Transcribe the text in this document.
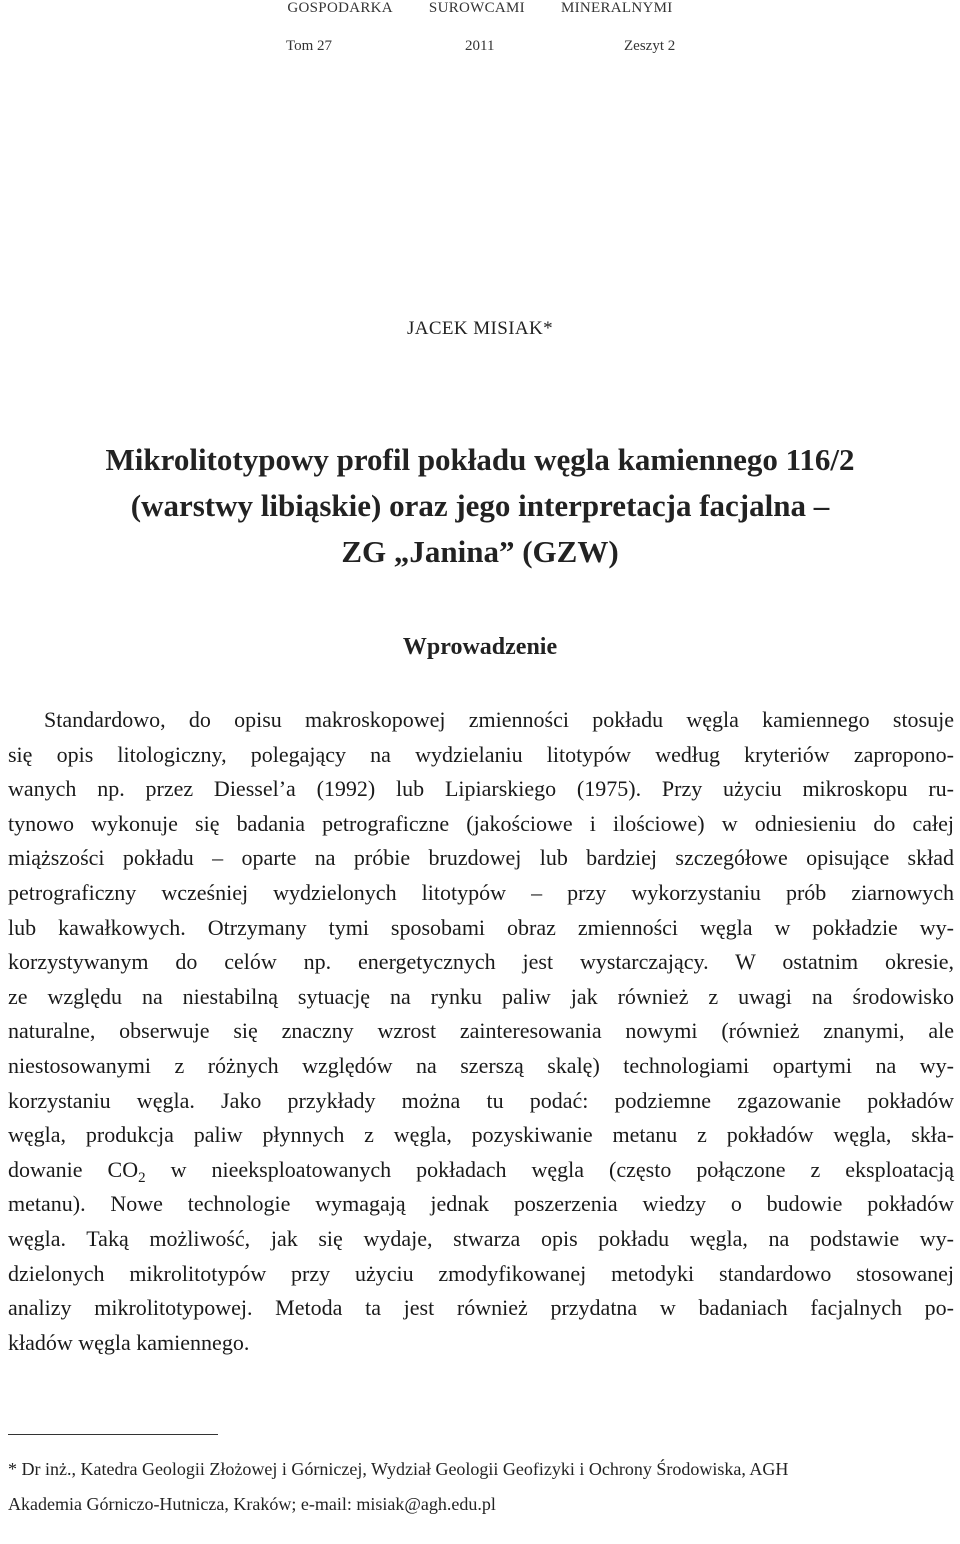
GOSPODARKA SUROWCAMI MINERALNYMI
Tom 27	2011	Zeszyt 2
JACEK MISIAK*
Mikrolitotypowy profil pokładu węgla kamiennego 116/2
(warstwy libiąskie) oraz jego interpretacja facjalna –
ZG „Janina” (GZW)
Wprowadzenie
Standardowo, do opisu makroskopowej zmienności pokładu węgla kamiennego stosuje
się opis litologiczny, polegający na wydzielaniu litotypów według kryteriów zapropono-
wanych np. przez Diessel’a (1992) lub Lipiarskiego (1975). Przy użyciu mikroskopu ru-
tynowo wykonuje się badania petrograficzne (jakościowe i ilościowe) w odniesieniu do całej
miąższości pokładu – oparte na próbie bruzdowej lub bardziej szczegółowe opisujące skład
petrograficzny wcześniej wydzielonych litotypów – przy wykorzystaniu prób ziarnowych
lub kawałkowych. Otrzymany tymi sposobami obraz zmienności węgla w pokładzie wy-
korzystywanym do celów np. energetycznych jest wystarczający. W ostatnim okresie,
ze względu na niestabilną sytuację na rynku paliw jak również z uwagi na środowisko
naturalne, obserwuje się znaczny wzrost zainteresowania nowymi (również znanymi, ale
niestosowanymi z różnych względów na szerszą skalę) technologiami opartymi na wy-
korzystaniu węgla. Jako przykłady można tu podać: podziemne zgazowanie pokładów
węgla, produkcja paliw płynnych z węgla, pozyskiwanie metanu z pokładów węgla, skła-
dowanie $CO_2$ w nieeksploatowanych pokładach węgla (często połączone z eksploatacją
metanu). Nowe technologie wymagają jednak poszerzenia wiedzy o budowie pokładów
węgla. Taką możliwość, jak się wydaje, stwarza opis pokładu węgla, na podstawie wy-
dzielonych mikrolitotypów przy użyciu zmodyfikowanej metodyki standardowo stosowanej
analizy mikrolitotypowej. Metoda ta jest również przydatna w badaniach facjalnych po-
kładów węgla kamiennego.
* Dr inż., Katedra Geologii Złożowej i Górniczej, Wydział Geologii Geofizyki i Ochrony Środowiska, AGH
Akademia Górniczo-Hutnicza, Kraków; e-mail: misiak@agh.edu.pl
